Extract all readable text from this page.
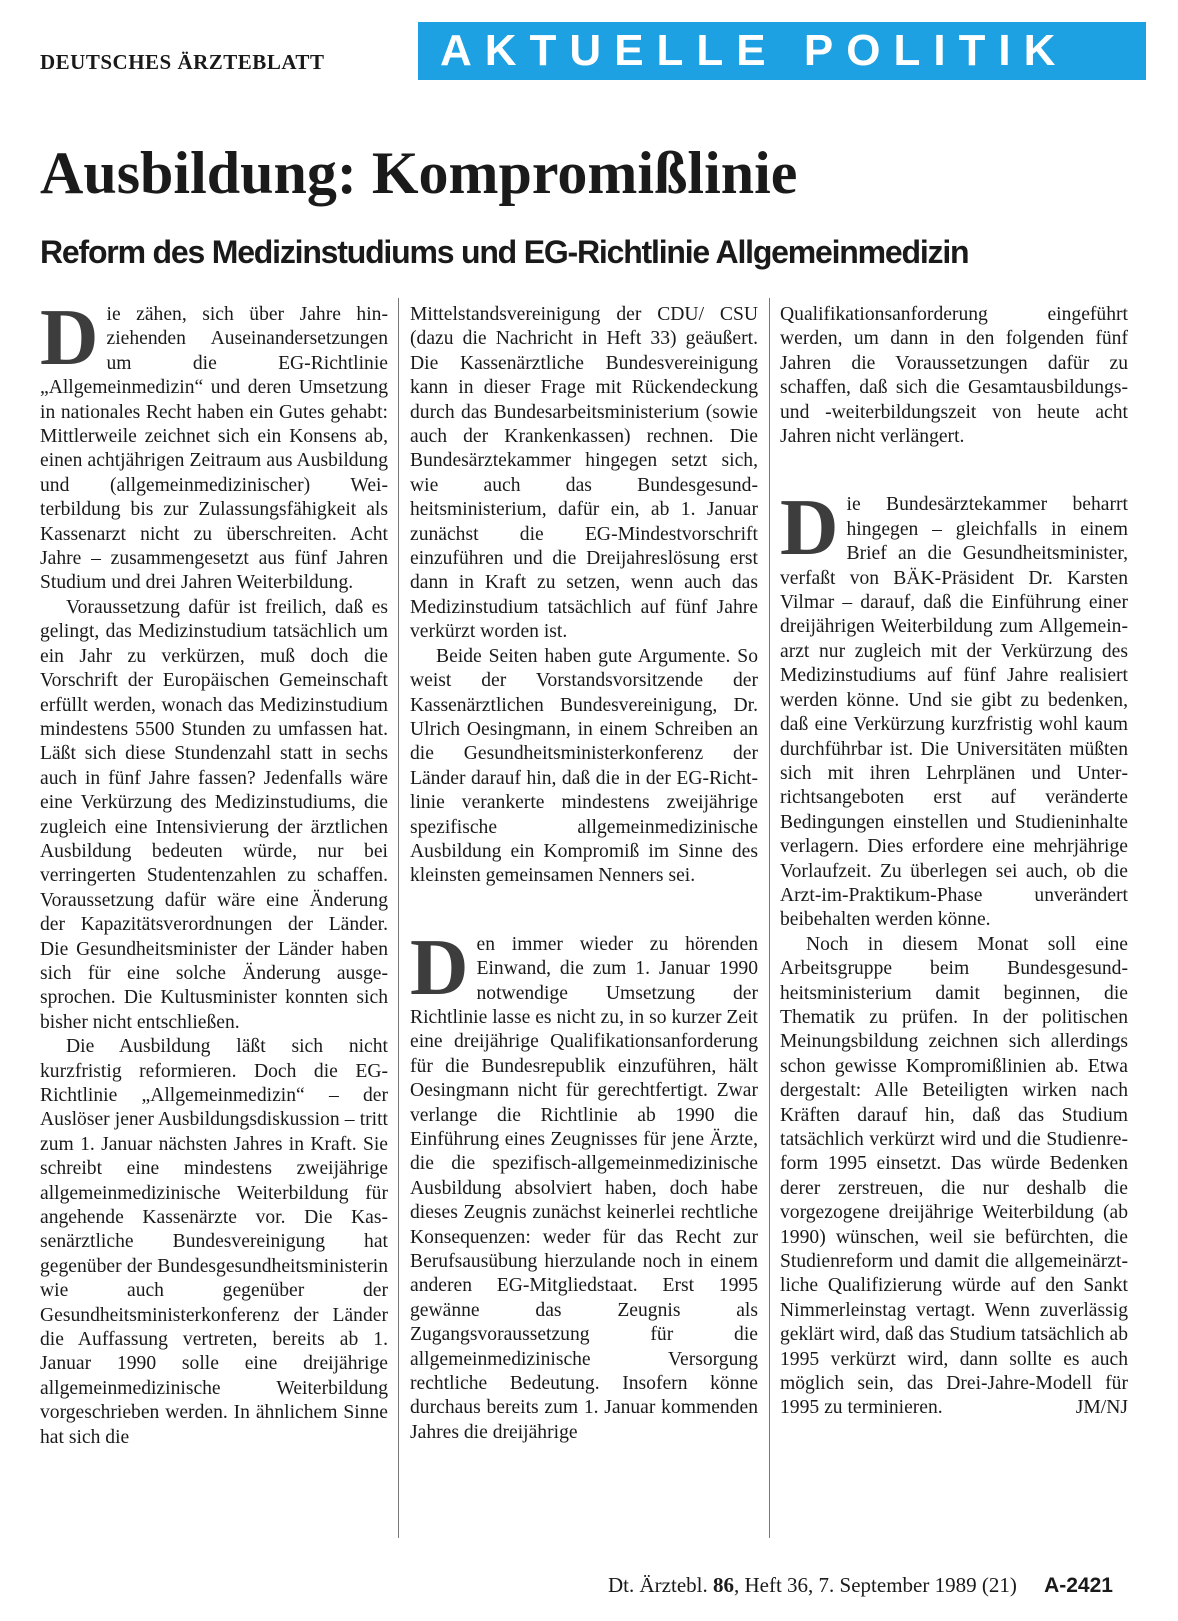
DEUTSCHES ÄRZTEBLATT	AKTUELLE POLITIK
Ausbildung: Kompromißlinie
Reform des Medizinstudiums und EG-Richtlinie Allgemeinmedizin

Die zähen, sich über Jahre hinziehenden Auseinandersetzungen um die EG-Richtlinie „Allgemeinmedizin“ und deren Umsetzung in nationales Recht haben ein Gutes gehabt: Mittlerweile zeichnet sich ein Konsens ab, einen achtjährigen Zeitraum aus Ausbildung und (allgemeinmedizinischer) Weiterbildung bis zur Zulassungsfähigkeit als Kassenarzt nicht zu überschreiten. Acht Jahre – zusammengesetzt aus fünf Jahren Studium und drei Jahren Weiterbildung.

Voraussetzung dafür ist freilich, daß es gelingt, das Medizinstudium tatsächlich um ein Jahr zu verkürzen, muß doch die Vorschrift der Europäischen Gemeinschaft erfüllt werden, wonach das Medizinstudium mindestens 5500 Stunden zu umfassen hat. Läßt sich diese Stundenzahl statt in sechs auch in fünf Jahre fassen? Jedenfalls wäre eine Verkürzung des Medizinstudiums, die zugleich eine Intensivierung der ärztlichen Ausbildung bedeuten würde, nur bei verringerten Studentenzahlen zu schaffen. Voraussetzung dafür wäre eine Änderung der Kapazitätsverordnungen der Länder. Die Gesundheitsminister der Länder haben sich für eine solche Änderung ausgesprochen. Die Kultusminister konnten sich bisher nicht entschließen.

Die Ausbildung läßt sich nicht kurzfristig reformieren. Doch die EG-Richtlinie „Allgemeinmedizin“ – der Auslöser jener Ausbildungsdiskussion – tritt zum 1. Januar nächsten Jahres in Kraft. Sie schreibt eine mindestens zweijährige allgemeinmedizinische Weiterbildung für angehende Kassenärzte vor. Die Kassenärztliche Bundesvereinigung hat gegenüber der Bundesgesundheitsministerin wie auch gegenüber der Gesundheitsministerkonferenz der Länder die Auffassung vertreten, bereits ab 1. Januar 1990 solle eine dreijährige allgemeinmedizinische Weiterbildung vorgeschrieben werden. In ähnlichem Sinne hat sich die

Mittelstandsvereinigung der CDU/ CSU (dazu die Nachricht in Heft 33) geäußert. Die Kassenärztliche Bundesvereinigung kann in dieser Frage mit Rückendeckung durch das Bundesarbeitsministerium (sowie auch der Krankenkassen) rechnen. Die Bundesärztekammer hingegen setzt sich, wie auch das Bundesgesundheitsministerium, dafür ein, ab 1. Januar zunächst die EG-Mindestvorschrift einzuführen und die Dreijahreslösung erst dann in Kraft zu setzen, wenn auch das Medizinstudium tatsächlich auf fünf Jahre verkürzt worden ist.

Beide Seiten haben gute Argumente. So weist der Vorstandsvorsitzende der Kassenärztlichen Bundesvereinigung, Dr. Ulrich Oesingmann, in einem Schreiben an die Gesundheitsministerkonferenz der Länder darauf hin, daß die in der EG-Richtlinie verankerte mindestens zweijährige spezifische allgemeinmedizinische Ausbildung ein Kompromiß im Sinne des kleinsten gemeinsamen Nenners sei.

Den immer wieder zu hörenden Einwand, die zum 1. Januar 1990 notwendige Umsetzung der Richtlinie lasse es nicht zu, in so kurzer Zeit eine dreijährige Qualifikationsanforderung für die Bundesrepublik einzuführen, hält Oesingmann nicht für gerechtfertigt. Zwar verlange die Richtlinie ab 1990 die Einführung eines Zeugnisses für jene Ärzte, die die spezifisch-allgemeinmedizinische Ausbildung absolviert haben, doch habe dieses Zeugnis zunächst keinerlei rechtliche Konsequenzen: weder für das Recht zur Berufsausübung hierzulande noch in einem anderen EG-Mitgliedstaat. Erst 1995 gewänne das Zeugnis als Zugangsvoraussetzung für die allgemeinmedizinische Versorgung rechtliche Bedeutung. Insofern könne durchaus bereits zum 1. Januar kommenden Jahres die dreijährige

Qualifikationsanforderung eingeführt werden, um dann in den folgenden fünf Jahren die Voraussetzungen dafür zu schaffen, daß sich die Gesamtausbildungs- und -weiterbildungszeit von heute acht Jahren nicht verlängert.

Die Bundesärztekammer beharrt hingegen – gleichfalls in einem Brief an die Gesundheitsminister, verfaßt von BÄK-Präsident Dr. Karsten Vilmar – darauf, daß die Einführung einer dreijährigen Weiterbildung zum Allgemeinarzt nur zugleich mit der Verkürzung des Medizinstudiums auf fünf Jahre realisiert werden könne. Und sie gibt zu bedenken, daß eine Verkürzung kurzfristig wohl kaum durchführbar ist. Die Universitäten müßten sich mit ihren Lehrplänen und Unterrichtsangeboten erst auf veränderte Bedingungen einstellen und Studieninhalte verlagern. Dies erfordere eine mehrjährige Vorlaufzeit. Zu überlegen sei auch, ob die Arzt-im-Praktikum-Phase unverändert beibehalten werden könne.

Noch in diesem Monat soll eine Arbeitsgruppe beim Bundesgesundheitsministerium damit beginnen, die Thematik zu prüfen. In der politischen Meinungsbildung zeichnen sich allerdings schon gewisse Kompromißlinien ab. Etwa dergestalt: Alle Beteiligten wirken nach Kräften darauf hin, daß das Studium tatsächlich verkürzt wird und die Studienreform 1995 einsetzt. Das würde Bedenken derer zerstreuen, die nur deshalb die vorgezogene dreijährige Weiterbildung (ab 1990) wünschen, weil sie befürchten, die Studienreform und damit die allgemeinärztliche Qualifizierung würde auf den Sankt Nimmerleinstag vertagt. Wenn zuverlässig geklärt wird, daß das Studium tatsächlich ab 1995 verkürzt wird, dann sollte es auch möglich sein, das Drei-Jahre-Modell für 1995 zu terminieren.	JM/NJ

Dt. Ärztebl. 86, Heft 36, 7. September 1989 (21) A-2421
